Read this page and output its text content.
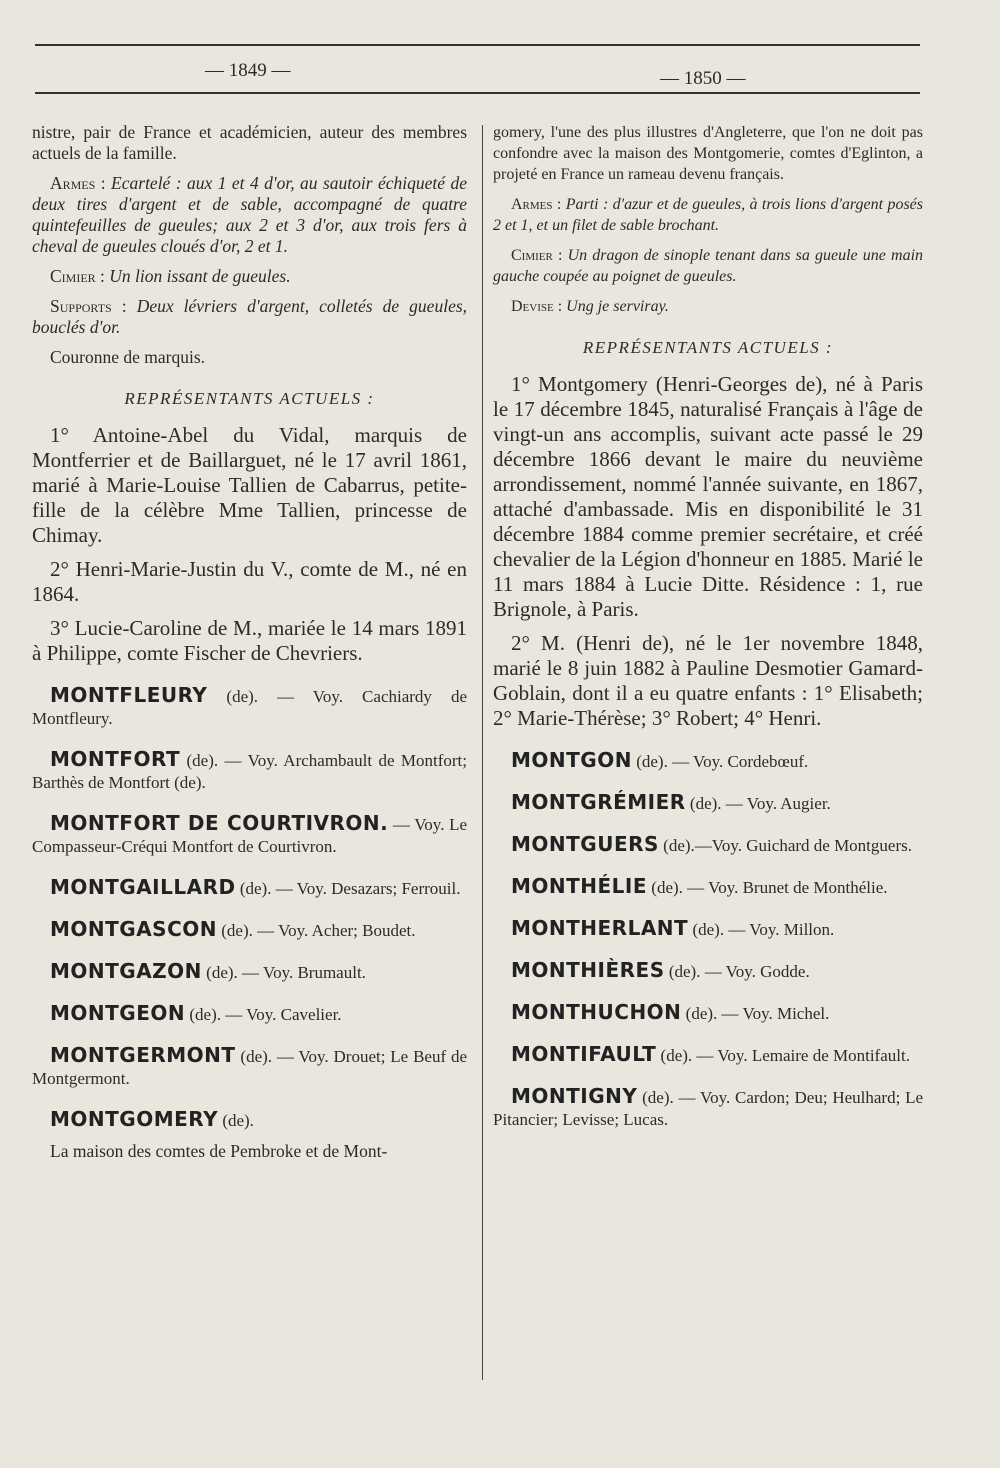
— 1849 —	— 1850 —

nistre, pair de France et académicien, auteur des membres actuels de la famille.

Armes : Ecartelé : aux 1 et 4 d'or, au sautoir échiqueté de deux tires d'argent et de sable, accompagné de quatre quintefeuilles de gueules; aux 2 et 3 d'or, aux trois fers à cheval de gueules cloués d'or, 2 et 1.

Cimier : Un lion issant de gueules.

Supports : Deux lévriers d'argent, colletés de gueules, bouclés d'or.

Couronne de marquis.

REPRÉSENTANTS ACTUELS :

1° Antoine-Abel du Vidal, marquis de Montferrier et de Baillarguet, né le 17 avril 1861, marié à Marie-Louise Tallien de Cabarrus, petite-fille de la célèbre Mme Tallien, princesse de Chimay.

2° Henri-Marie-Justin du V., comte de M., né en 1864.

3° Lucie-Caroline de M., mariée le 14 mars 1891 à Philippe, comte Fischer de Chevriers.

MONTFLEURY (de). — Voy. Cachiardy de Montfleury.

MONTFORT (de). — Voy. Archambault de Montfort; Barthès de Montfort (de).

MONTFORT DE COURTIVRON. — Voy. Le Compasseur-Créqui Montfort de Courtivron.

MONTGAILLARD (de). — Voy. Desazars; Ferrouil.

MONTGASCON (de). — Voy. Acher; Boudet.

MONTGAZON (de). — Voy. Brumault.

MONTGEON (de). — Voy. Cavelier.

MONTGERMONT (de). — Voy. Drouet; Le Beuf de Montgermont.

MONTGOMERY (de).

La maison des comtes de Pembroke et de Mont-

gomery, l'une des plus illustres d'Angleterre, que l'on ne doit pas confondre avec la maison des Montgomerie, comtes d'Eglinton, a projeté en France un rameau devenu français.

Armes : Parti : d'azur et de gueules, à trois lions d'argent posés 2 et 1, et un filet de sable brochant.

Cimier : Un dragon de sinople tenant dans sa gueule une main gauche coupée au poignet de gueules.

Devise : Ung je serviray.

REPRÉSENTANTS ACTUELS :

1° Montgomery (Henri-Georges de), né à Paris le 17 décembre 1845, naturalisé Français à l'âge de vingt-un ans accomplis, suivant acte passé le 29 décembre 1866 devant le maire du neuvième arrondissement, nommé l'année suivante, en 1867, attaché d'ambassade. Mis en disponibilité le 31 décembre 1884 comme premier secrétaire, et créé chevalier de la Légion d'honneur en 1885. Marié le 11 mars 1884 à Lucie Ditte. Résidence : 1, rue Brignole, à Paris.

2° M. (Henri de), né le 1er novembre 1848, marié le 8 juin 1882 à Pauline Desmotier Gamard-Goblain, dont il a eu quatre enfants : 1° Elisabeth; 2° Marie-Thérèse; 3° Robert; 4° Henri.

MONTGON (de). — Voy. Cordebœuf.

MONTGRÉMIER (de). — Voy. Augier.

MONTGUERS (de).—Voy. Guichard de Montguers.

MONTHÉLIE (de). — Voy. Brunet de Monthélie.

MONTHERLANT (de). — Voy. Millon.

MONTHIÈRES (de). — Voy. Godde.

MONTHUCHON (de). — Voy. Michel.

MONTIFAULT (de). — Voy. Lemaire de Montifault.

MONTIGNY (de). — Voy. Cardon; Deu; Heulhard; Le Pitancier; Levisse; Lucas.
